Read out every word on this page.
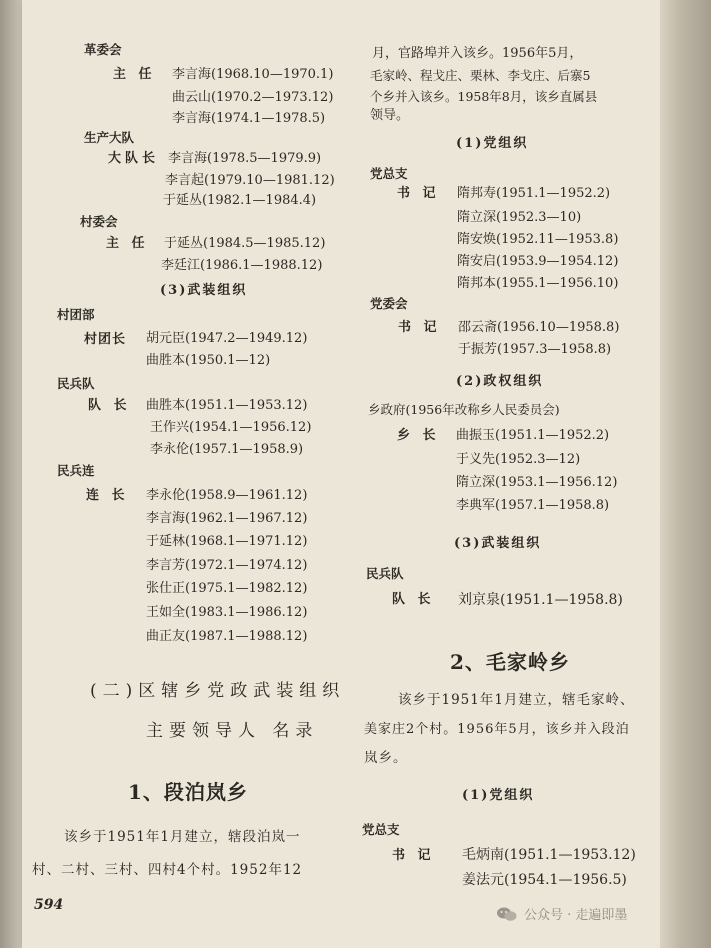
革委会
主 任 李言海(1968.10—1970.1)
曲云山(1970.2—1973.12)
李言海(1974.1—1978.5)
生产大队
大队长 李言海(1978.5—1979.9)
李言起(1979.10—1981.12)
于延丛(1982.1—1984.4)
村委会
主 任 于延丛(1984.5—1985.12)
李廷江(1986.1—1988.12)
(3)武装组织
村团部
村团长 胡元臣(1947.2—1949.12)
曲胜本(1950.1—12)
民兵队
队 长 曲胜本(1951.1—1953.12)
王作兴(1954.1—1956.12)
李永伦(1957.1—1958.9)
民兵连
连 长 李永伦(1958.9—1961.12)
李言海(1962.1—1967.12)
于延林(1968.1—1971.12)
李言芳(1972.1—1974.12)
张仕正(1975.1—1982.12)
王如全(1983.1—1986.12)
曲正友(1987.1—1988.12)
(二)区辖乡党政武装组织
主要领导人 名录
1、段泊岚乡
该乡于1951年1月建立，辖段泊岚一
村、二村、三村、四村4个村。1952年12
594
月，官路埠并入该乡。1956年5月，
毛家岭、程戈庄、栗林、李戈庄、后寨5
个乡并入该乡。1958年8月，该乡直属县
领导。
(1)党组织
党总支
书 记 隋邦寿(1951.1—1952.2)
隋立深(1952.3—10)
隋安焕(1952.11—1953.8)
隋安启(1953.9—1954.12)
隋邦本(1955.1—1956.10)
党委会
书 记 邵云斋(1956.10—1958.8)
于振芳(1957.3—1958.8)
(2)政权组织
乡政府(1956年改称乡人民委员会)
乡 长 曲振玉(1951.1—1952.2)
于义先(1952.3—12)
隋立深(1953.1—1956.12)
李典军(1957.1—1958.8)
(3)武装组织
民兵队
队 长 刘京泉(1951.1—1958.8)
2、毛家岭乡
该乡于1951年1月建立，辖毛家岭、
美家庄2个村。1956年5月，该乡并入段泊
岚乡。
(1)党组织
党总支
书 记 毛炳南(1951.1—1953.12)
姜法元(1954.1—1956.5)
公众号 · 走遍即墨
